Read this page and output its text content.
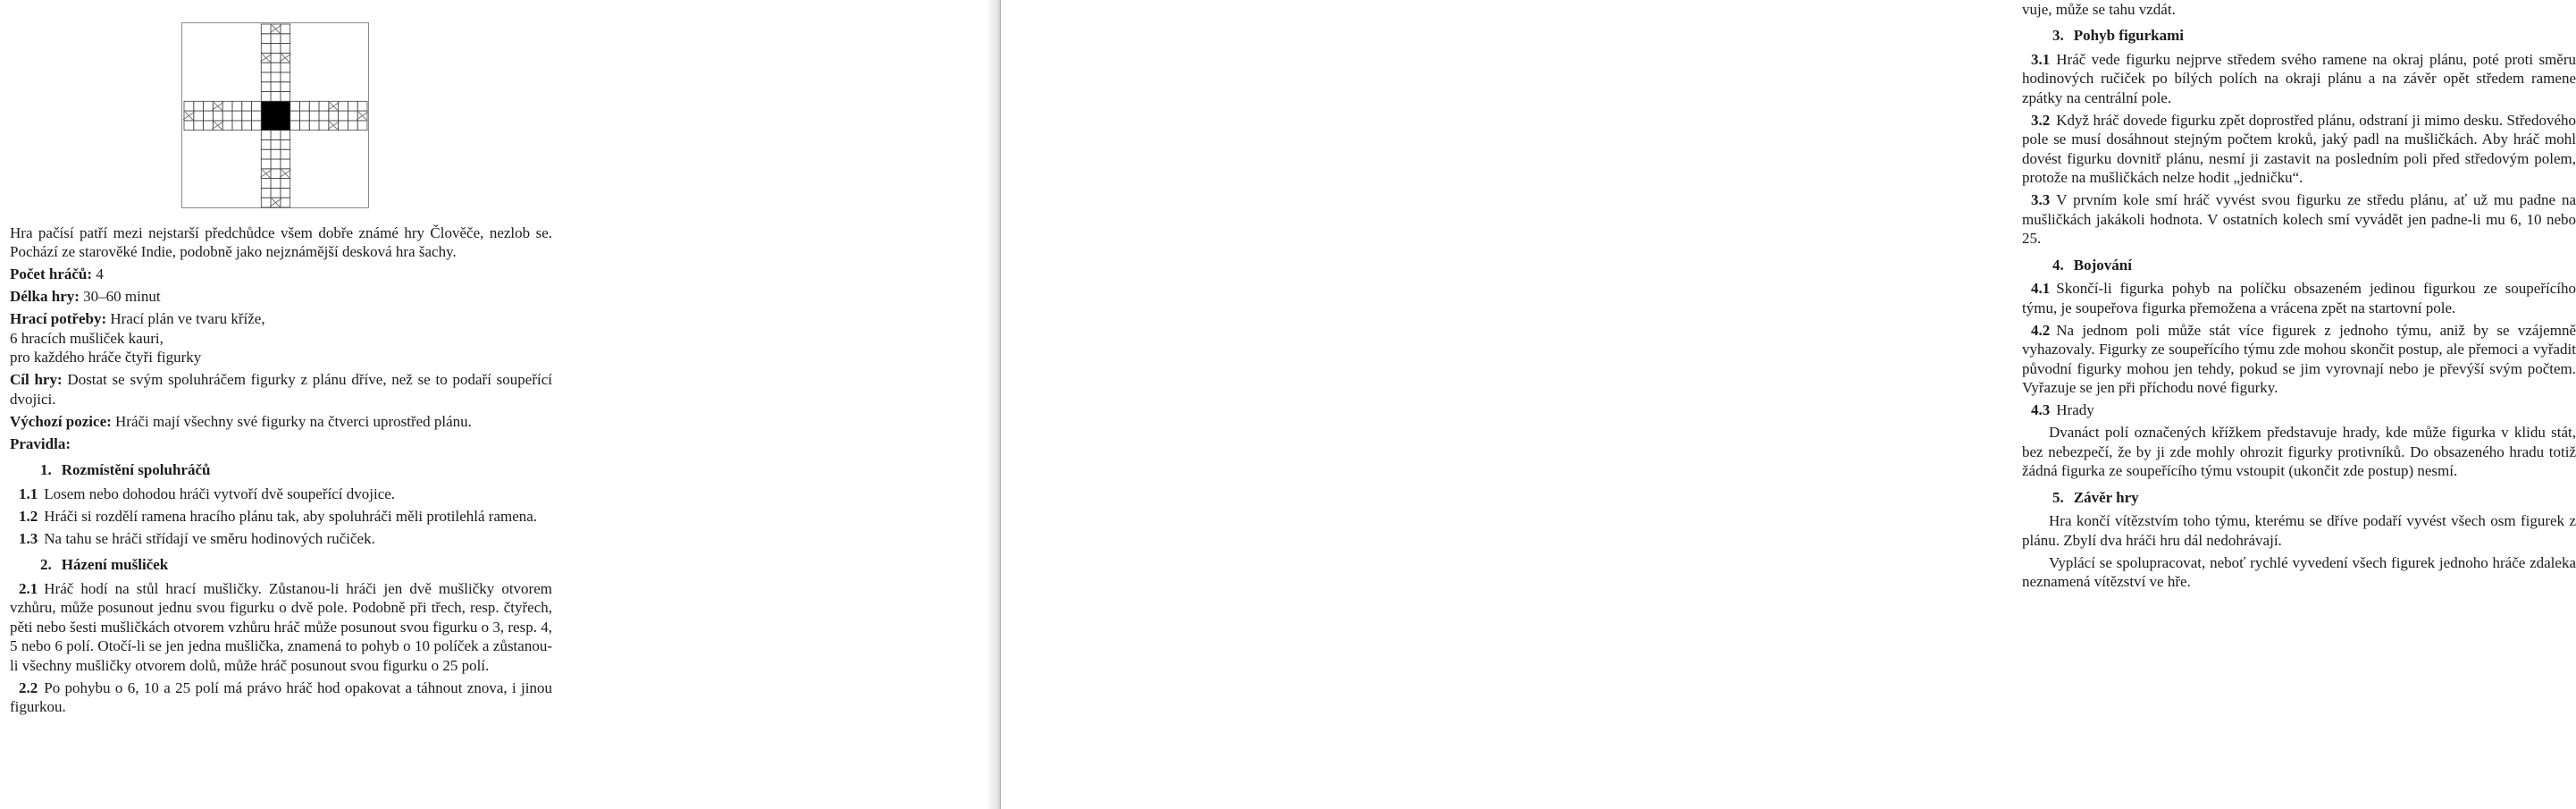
Hra pačísí patří mezi nejstarší předchůdce všem dobře známé hry Člověče, nezlob se. Pochází ze starověké Indie, podobně jako nejznámější desková hra šachy.

Počet hráčů: 4

Délka hry: 30–60 minut

Hrací potřeby: Hrací plán ve tvaru kříže,
6 hracích mušliček kauri,
pro každého hráče čtyři figurky

Cíl hry: Dostat se svým spoluhráčem figurky z plánu dříve, než se to podaří soupeřící dvojici.

Výchozí pozice: Hráči mají všechny své figurky na čtverci uprostřed plánu.

Pravidla:

1. Rozmístění spoluhráčů

1.1 Losem nebo dohodou hráči vytvoří dvě soupeřící dvojice.

1.2 Hráči si rozdělí ramena hracího plánu tak, aby spoluhráči měli protilehlá ramena.

1.3 Na tahu se hráči střídají ve směru hodinových ručiček.

2. Házení mušliček

2.1 Hráč hodí na stůl hrací mušličky. Zůstanou-li hráči jen dvě mušličky otvorem vzhůru, může posunout jednu svou figurku o dvě pole. Podobně při třech, resp. čtyřech, pěti nebo šesti mušličkách otvorem vzhůru hráč může posunout svou figurku o 3, resp. 4, 5 nebo 6 polí. Otočí-li se jen jedna mušlička, znamená to pohyb o 10 políček a zůstanou-li všechny mušličky otvorem dolů, může hráč posunout svou figurku o 25 polí.

2.2 Po pohybu o 6, 10 a 25 polí má právo hráč hod opakovat a táhnout znova, i jinou figurkou.

vuje, může se tahu vzdát.

3. Pohyb figurkami

3.1 Hráč vede figurku nejprve středem svého ramene na okraj plánu, poté proti směru hodinových ručiček po bílých polích na okraji plánu a na závěr opět středem ramene zpátky na centrální pole.

3.2 Když hráč dovede figurku zpět doprostřed plánu, odstraní ji mimo desku. Středového pole se musí dosáhnout stejným počtem kroků, jaký padl na mušličkách. Aby hráč mohl dovést figurku dovnitř plánu, nesmí ji zastavit na posledním poli před středovým polem, protože na mušličkách nelze hodit „jedničku“.

3.3 V prvním kole smí hráč vyvést svou figurku ze středu plánu, ať už mu padne na mušličkách jakákoli hodnota. V ostatních kolech smí vyvádět jen padne-li mu 6, 10 nebo 25.

4. Bojování

4.1 Skončí-li figurka pohyb na políčku obsazeném jedinou figurkou ze soupeřícího týmu, je soupeřova figurka přemožena a vrácena zpět na startovní pole.

4.2 Na jednom poli může stát více figurek z jednoho týmu, aniž by se vzájemně vyhazovaly. Figurky ze soupeřícího týmu zde mohou skončit postup, ale přemoci a vyřadit původní figurky mohou jen tehdy, pokud se jim vyrovnají nebo je převýší svým počtem. Vyřazuje se jen při příchodu nové figurky.

4.3 Hrady

Dvanáct polí označených křížkem představuje hrady, kde může figurka v klidu stát, bez nebezpečí, že by ji zde mohly ohrozit figurky protivníků. Do obsazeného hradu totiž žádná figurka ze soupeřícího týmu vstoupit (ukončit zde postup) nesmí.

5. Závěr hry

Hra končí vítězstvím toho týmu, kterému se dříve podaří vyvést všech osm figurek z plánu. Zbylí dva hráči hru dál nedohrávají.

Vyplácí se spolupracovat, neboť rychlé vyvedení všech figurek jednoho hráče zdaleka neznamená vítězství ve hře.
